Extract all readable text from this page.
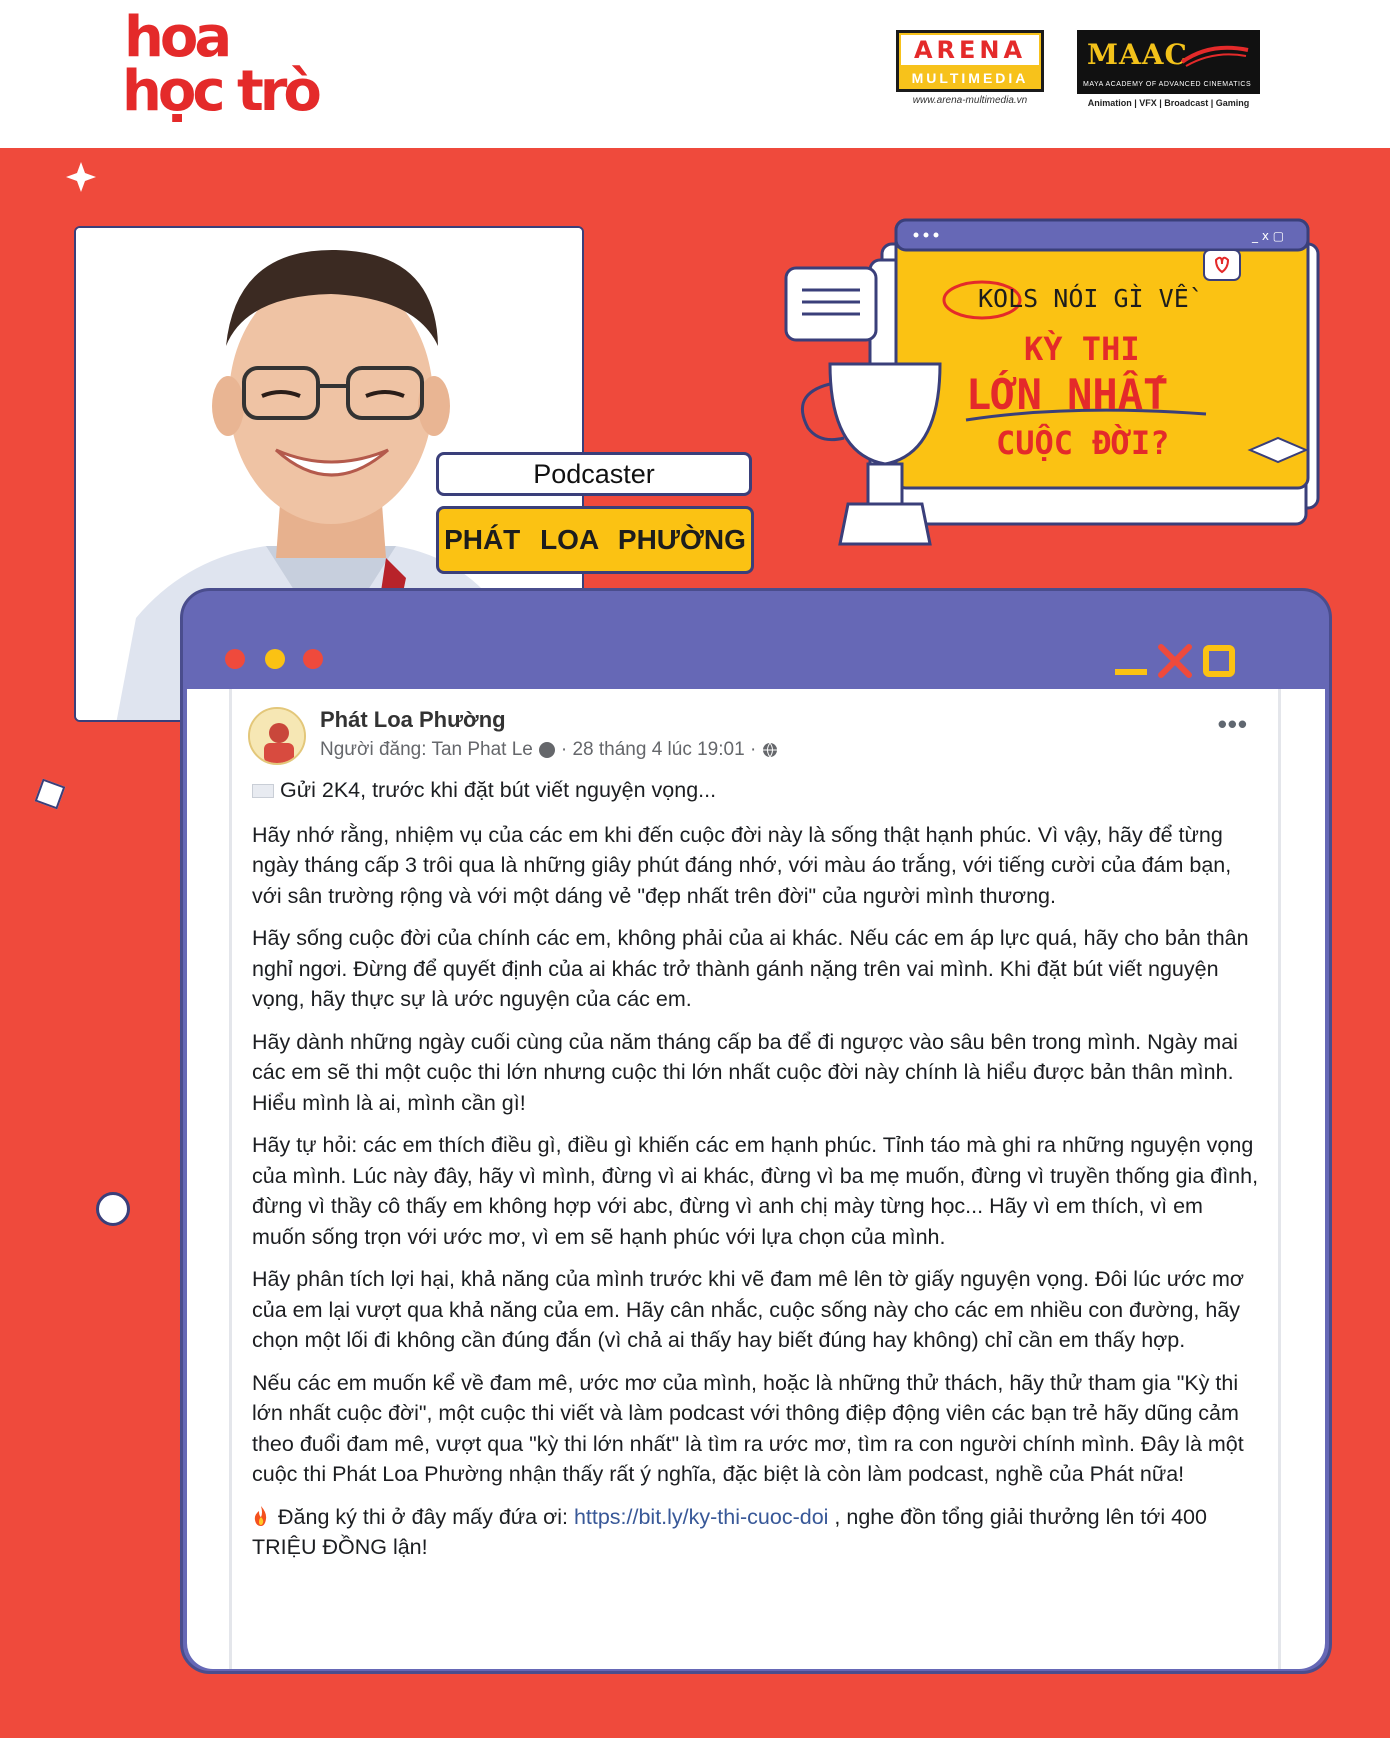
hoa
học trò
ARENA
MULTIMEDIA
www.arena-multimedia.vn
MAAC
MAYA ACADEMY OF ADVANCED CINEMATICS
Animation | VFX | Broadcast | Gaming
Podcaster
PHÁT LOA PHƯỜNG
_ x ▢
KOLS NÓI GÌ VỀ
KỲ THI
LỚN NHẤT
CUỘC ĐỜI?
Phát Loa Phường
Người đăng: Tan Phat Le · 28 tháng 4 lúc 19:01 ·
•••

Gửi 2K4, trước khi đặt bút viết nguyện vọng...

Hãy nhớ rằng, nhiệm vụ của các em khi đến cuộc đời này là sống thật hạnh phúc. Vì vậy, hãy để từng ngày tháng cấp 3 trôi qua là những giây phút đáng nhớ, với màu áo trắng, với tiếng cười của đám bạn, với sân trường rộng và với một dáng vẻ "đẹp nhất trên đời" của người mình thương.

Hãy sống cuộc đời của chính các em, không phải của ai khác. Nếu các em áp lực quá, hãy cho bản thân nghỉ ngơi. Đừng để quyết định của ai khác trở thành gánh nặng trên vai mình. Khi đặt bút viết nguyện vọng, hãy thực sự là ước nguyện của các em.

Hãy dành những ngày cuối cùng của năm tháng cấp ba để đi ngược vào sâu bên trong mình. Ngày mai các em sẽ thi một cuộc thi lớn nhưng cuộc thi lớn nhất cuộc đời này chính là hiểu được bản thân mình. Hiểu mình là ai, mình cần gì!

Hãy tự hỏi: các em thích điều gì, điều gì khiến các em hạnh phúc. Tỉnh táo mà ghi ra những nguyện vọng của mình. Lúc này đây, hãy vì mình, đừng vì ai khác, đừng vì ba mẹ muốn, đừng vì truyền thống gia đình, đừng vì thầy cô thấy em không hợp với abc, đừng vì anh chị mày từng học... Hãy vì em thích, vì em muốn sống trọn với ước mơ, vì em sẽ hạnh phúc với lựa chọn của mình.

Hãy phân tích lợi hại, khả năng của mình trước khi vẽ đam mê lên tờ giấy nguyện vọng. Đôi lúc ước mơ của em lại vượt qua khả năng của em. Hãy cân nhắc, cuộc sống này cho các em nhiều con đường, hãy chọn một lối đi không cần đúng đắn (vì chả ai thấy hay biết đúng hay không) chỉ cần em thấy hợp.

Nếu các em muốn kể về đam mê, ước mơ của mình, hoặc là những thử thách, hãy thử tham gia "Kỳ thi lớn nhất cuộc đời", một cuộc thi viết và làm podcast với thông điệp động viên các bạn trẻ hãy dũng cảm theo đuổi đam mê, vượt qua "kỳ thi lớn nhất" là tìm ra ước mơ, tìm ra con người chính mình. Đây là một cuộc thi Phát Loa Phường nhận thấy rất ý nghĩa, đặc biệt là còn làm podcast, nghề của Phát nữa!

Đăng ký thi ở đây mấy đứa ơi: https://bit.ly/ky-thi-cuoc-doi , nghe đồn tổng giải thưởng lên tới 400 TRIỆU ĐỒNG lận!
